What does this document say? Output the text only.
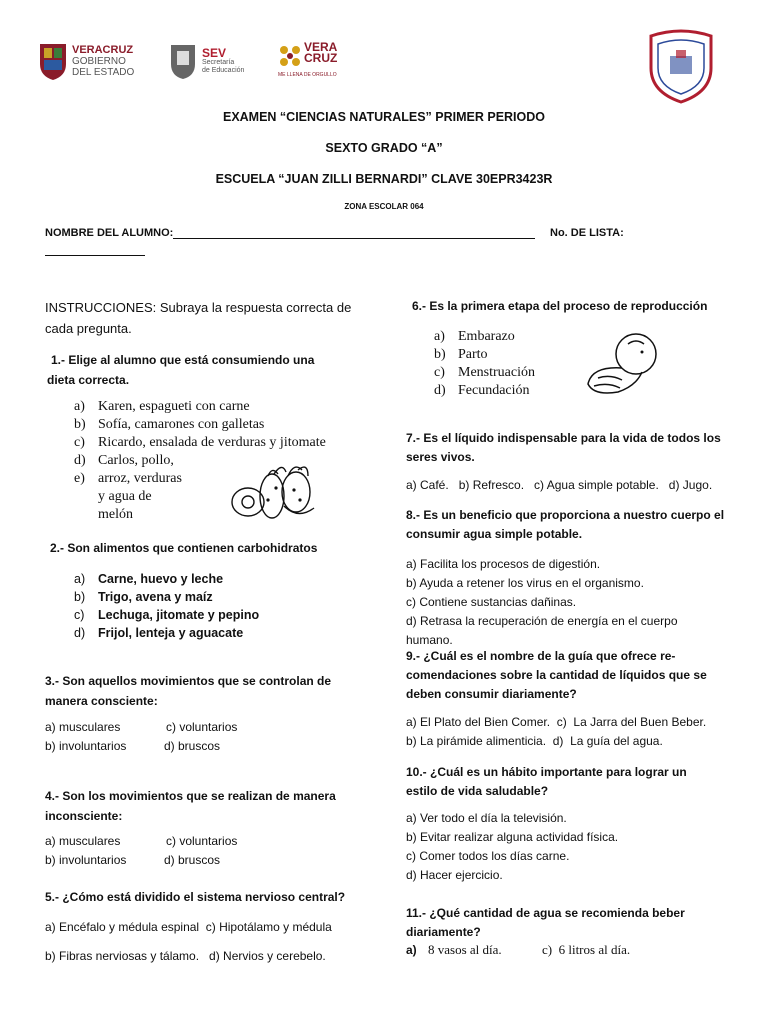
VERACRUZ
GOBIERNO
DEL ESTADO
SEV
Secretaría
de Educación
VERA
CRUZ
ME LLENA DE ORGULLO
EXAMEN “CIENCIAS NATURALES” PRIMER PERIODO
SEXTO GRADO “A”
ESCUELA “JUAN ZILLI BERNARDI” CLAVE 30EPR3423R
ZONA ESCOLAR 064
NOMBRE DEL ALUMNO:	No. DE LISTA:
INSTRUCCIONES: Subraya la respuesta correcta de cada pregunta.
1.- Elige al alumno que está consumiendo una dieta correcta.
a) Karen, espagueti con carne
b) Sofía, camarones con galletas
c) Ricardo, ensalada de verduras y jitomate
d) Carlos, pollo,
e) arroz, verduras
y agua de
melón
2.- Son alimentos que contienen carbohidratos
a)	Carne, huevo y leche
b)	Trigo, avena y maíz
c)	Lechuga, jitomate y pepino
d)	Frijol, lenteja y aguacate
3.- Son aquellos movimientos que se controlan de manera consciente:
a) musculares	c) voluntarios
b) involuntarios	d) bruscos
4.- Son los movimientos que se realizan de manera inconsciente:
a) musculares	c) voluntarios
b) involuntarios	d) bruscos
5.- ¿Cómo está dividido el sistema nervioso central?
a) Encéfalo y médula espinal  c) Hipotálamo y médula
b) Fibras nerviosas y tálamo.   d) Nervios y cerebelo.
6.- Es la primera etapa del proceso de reproducción
a) Embarazo
b) Parto
c) Menstruación
d) Fecundación
7.- Es el líquido indispensable para la vida de todos los seres vivos.
a) Café.   b) Refresco.   c) Agua simple potable.   d) Jugo.
8.- Es un beneficio que proporciona a nuestro cuerpo el consumir agua simple potable.
a) Facilita los procesos de digestión.
b) Ayuda a retener los virus en el organismo.
c) Contiene sustancias dañinas.
d) Retrasa la recuperación de energía en el cuerpo humano.
9.- ¿Cuál es el nombre de la guía que ofrece re-comendaciones sobre la cantidad de líquidos que se deben consumir diariamente?
a) El Plato del Bien Comer.  c)  La Jarra del Buen Beber.
b) La pirámide alimenticia.  d)  La guía del agua.
10.- ¿Cuál es un hábito importante para lograr un estilo de vida saludable?
a) Ver todo el día la televisión.
b) Evitar realizar alguna actividad física.
c) Comer todos los días carne.
d) Hacer ejercicio.
11.- ¿Qué cantidad de agua se recomienda beber diariamente?
a) 8 vasos al día.	c)  6 litros al día.
